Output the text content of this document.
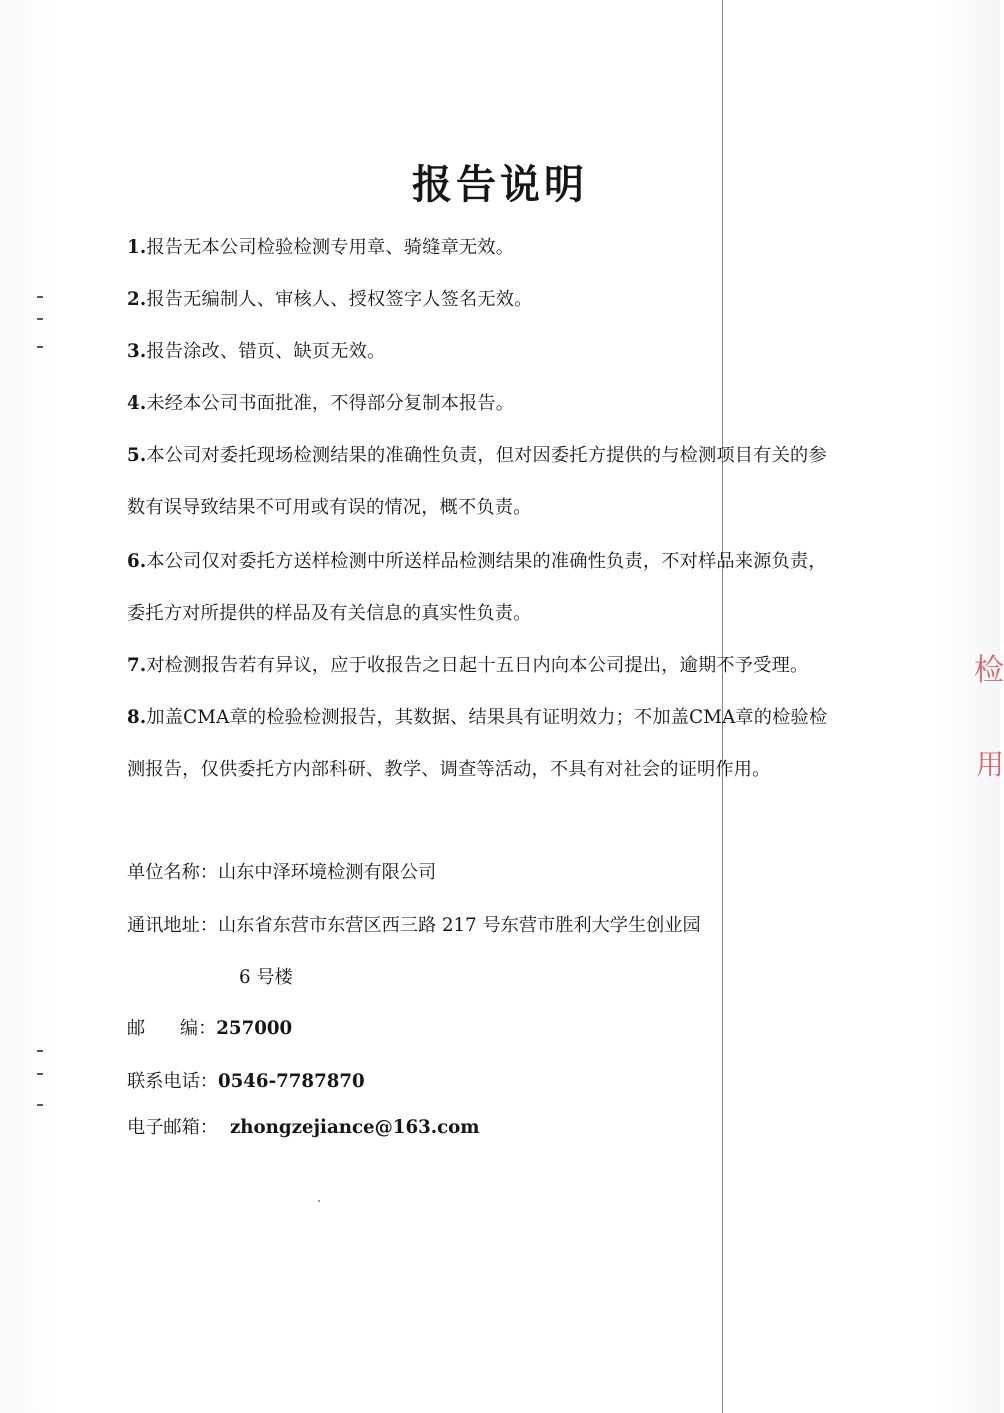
检
用
报告说明
1.报告无本公司检验检测专用章、骑缝章无效。
2.报告无编制人、审核人、授权签字人签名无效。
3.报告涂改、错页、缺页无效。
4.未经本公司书面批准，不得部分复制本报告。
5.本公司对委托现场检测结果的准确性负责，但对因委托方提供的与检测项目有关的参
数有误导致结果不可用或有误的情况，概不负责。
6.本公司仅对委托方送样检测中所送样品检测结果的准确性负责，不对样品来源负责，
委托方对所提供的样品及有关信息的真实性负责。
7.对检测报告若有异议，应于收报告之日起十五日内向本公司提出，逾期不予受理。
8.加盖CMA章的检验检测报告，其数据、结果具有证明效力；不加盖CMA章的检验检
测报告，仅供委托方内部科研、教学、调查等活动，不具有对社会的证明作用。
单位名称：山东中泽环境检测有限公司
通讯地址：山东省东营市东营区西三路 217 号东营市胜利大学生创业园
6 号楼
邮      编：257000
联系电话：0546-7787870
电子邮箱： zhongzejiance@163.com
